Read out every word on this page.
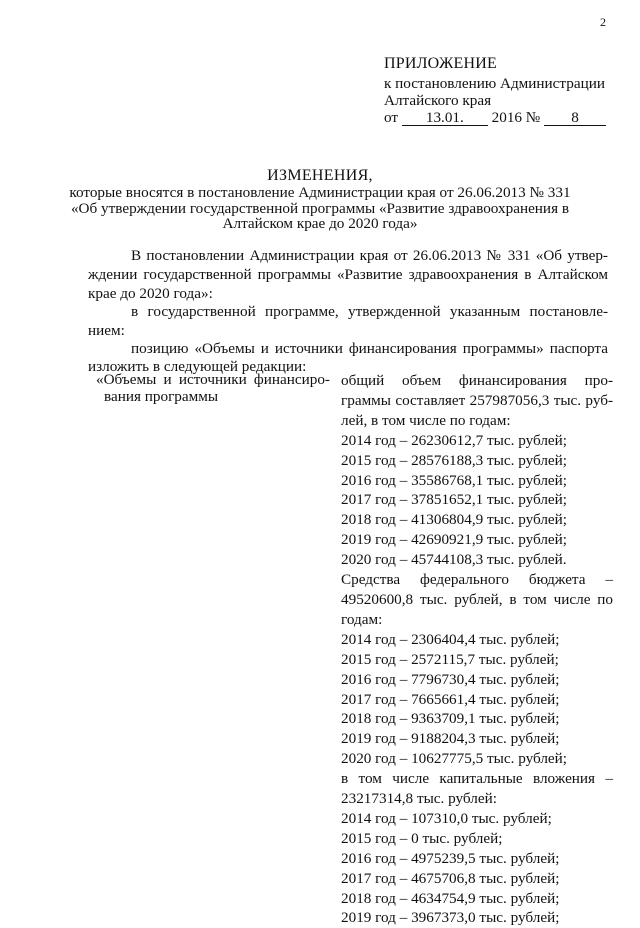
2
ПРИЛОЖЕНИЕ
к постановлению Администрации
Алтайского края
от 13.01. 2016 № 8
ИЗМЕНЕНИЯ,
которые вносятся в постановление Администрации края от 26.06.2013 № 331
«Об утверждении государственной программы «Развитие здравоохранения в
Алтайском крае до 2020 года»
В постановлении Администрации края от 26.06.2013 № 331 «Об утвер-
ждении государственной программы «Развитие здравоохранения в Алтайском
крае до 2020 года»:
в государственной программе, утвержденной указанным постановле-
нием:
позицию «Объемы и источники финансирования программы» паспорта
изложить в следующей редакции:
«Объемы и источники финансиро-
вания программы
общий объем финансирования про-
граммы составляет 257987056,3 тыс. руб-
лей, в том числе по годам:
2014 год – 26230612,7 тыс. рублей;
2015 год – 28576188,3 тыс. рублей;
2016 год – 35586768,1 тыс. рублей;
2017 год – 37851652,1 тыс. рублей;
2018 год – 41306804,9 тыс. рублей;
2019 год – 42690921,9 тыс. рублей;
2020 год – 45744108,3 тыс. рублей.
Средства федерального бюджета –
49520600,8 тыс. рублей, в том числе по
годам:
2014 год – 2306404,4 тыс. рублей;
2015 год – 2572115,7 тыс. рублей;
2016 год – 7796730,4 тыс. рублей;
2017 год – 7665661,4 тыс. рублей;
2018 год – 9363709,1 тыс. рублей;
2019 год – 9188204,3 тыс. рублей;
2020 год – 10627775,5 тыс. рублей;
в том числе капитальные вложения –
23217314,8 тыс. рублей:
2014 год – 107310,0 тыс. рублей;
2015 год – 0 тыс. рублей;
2016 год – 4975239,5 тыс. рублей;
2017 год – 4675706,8 тыс. рублей;
2018 год – 4634754,9 тыс. рублей;
2019 год – 3967373,0 тыс. рублей;
